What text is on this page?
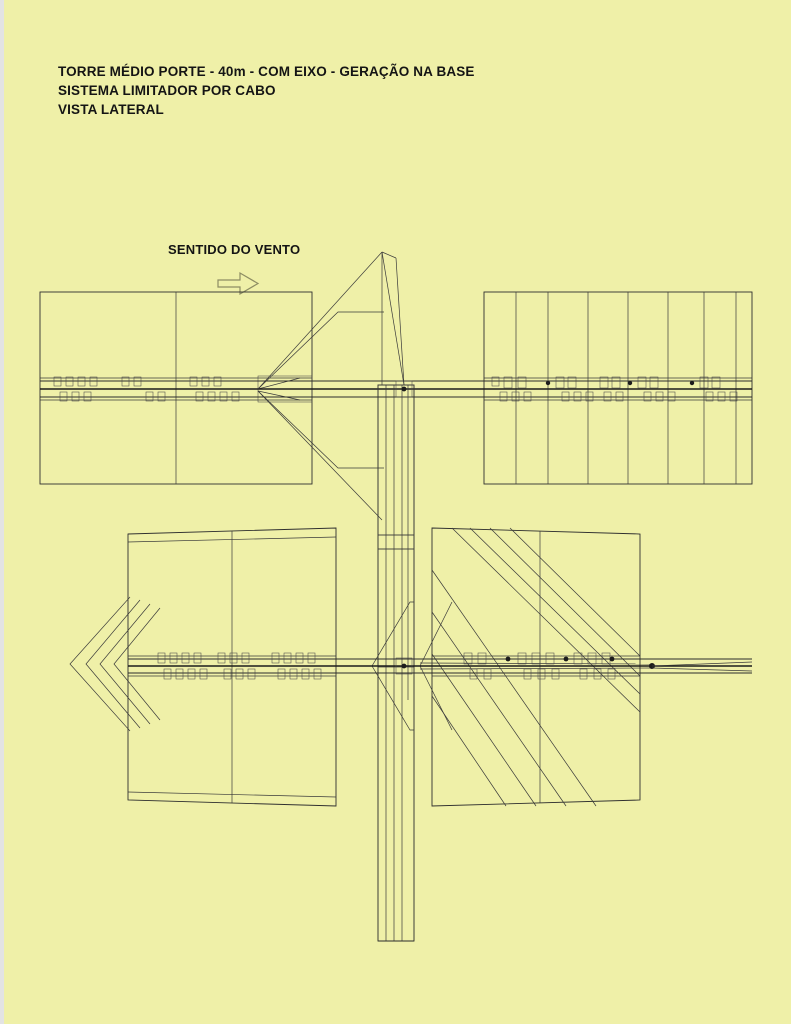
TORRE MÉDIO PORTE - 40m - COM EIXO - GERAÇÃO NA BASE
SISTEMA LIMITADOR POR CABO
VISTA LATERAL
SENTIDO DO VENTO
